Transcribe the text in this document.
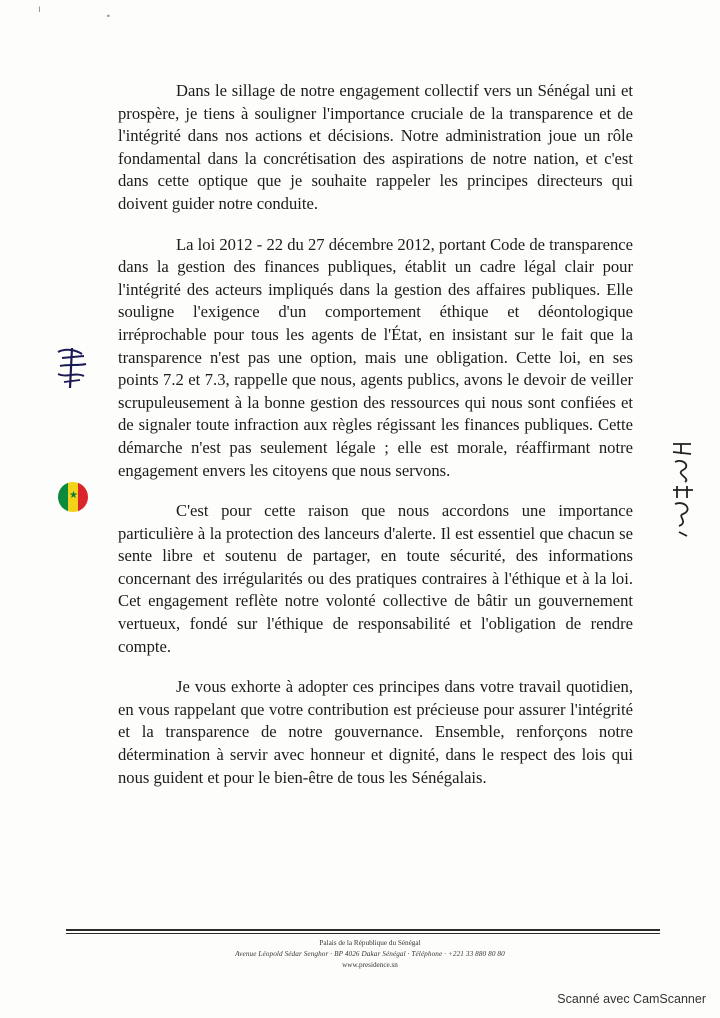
ı
•

Dans le sillage de notre engagement collectif vers un Sénégal uni et prospère, je tiens à souligner l'importance cruciale de la transparence et de l'intégrité dans nos actions et décisions. Notre administration joue un rôle fondamental dans la concrétisation des aspirations de notre nation, et c'est dans cette optique que je souhaite rappeler les principes directeurs qui doivent guider notre conduite.

La loi 2012 - 22 du 27 décembre 2012, portant Code de transparence dans la gestion des finances publiques, établit un cadre légal clair pour l'intégrité des acteurs impliqués dans la gestion des affaires publiques. Elle souligne l'exigence d'un comportement éthique et déontologique irréprochable pour tous les agents de l'État, en insistant sur le fait que la transparence n'est pas une option, mais une obligation. Cette loi, en ses points 7.2 et 7.3, rappelle que nous, agents publics, avons le devoir de veiller scrupuleusement à la bonne gestion des ressources qui nous sont confiées et de signaler toute infraction aux règles régissant les finances publiques. Cette démarche n'est pas seulement légale ; elle est morale, réaffirmant notre engagement envers les citoyens que nous servons.

C'est pour cette raison que nous accordons une importance particulière à la protection des lanceurs d'alerte. Il est essentiel que chacun se sente libre et soutenu de partager, en toute sécurité, des informations concernant des irrégularités ou des pratiques contraires à l'éthique et à la loi. Cet engagement reflète notre volonté collective de bâtir un gouvernement vertueux, fondé sur l'éthique de responsabilité et l'obligation de rendre compte.

Je vous exhorte à adopter ces principes dans votre travail quotidien, en vous rappelant que votre contribution est précieuse pour assurer l'intégrité et la transparence de notre gouvernance. Ensemble, renforçons notre détermination à servir avec honneur et dignité, dans le respect des lois qui nous guident et pour le bien-être de tous les Sénégalais.

★
Palais de la République du Sénégal
Avenue Léopold Sédar Senghor · BP 4026 Dakar Sénégal · Téléphone · +221 33 880 80 80
www.presidence.sn
Scanné avec CamScanner
